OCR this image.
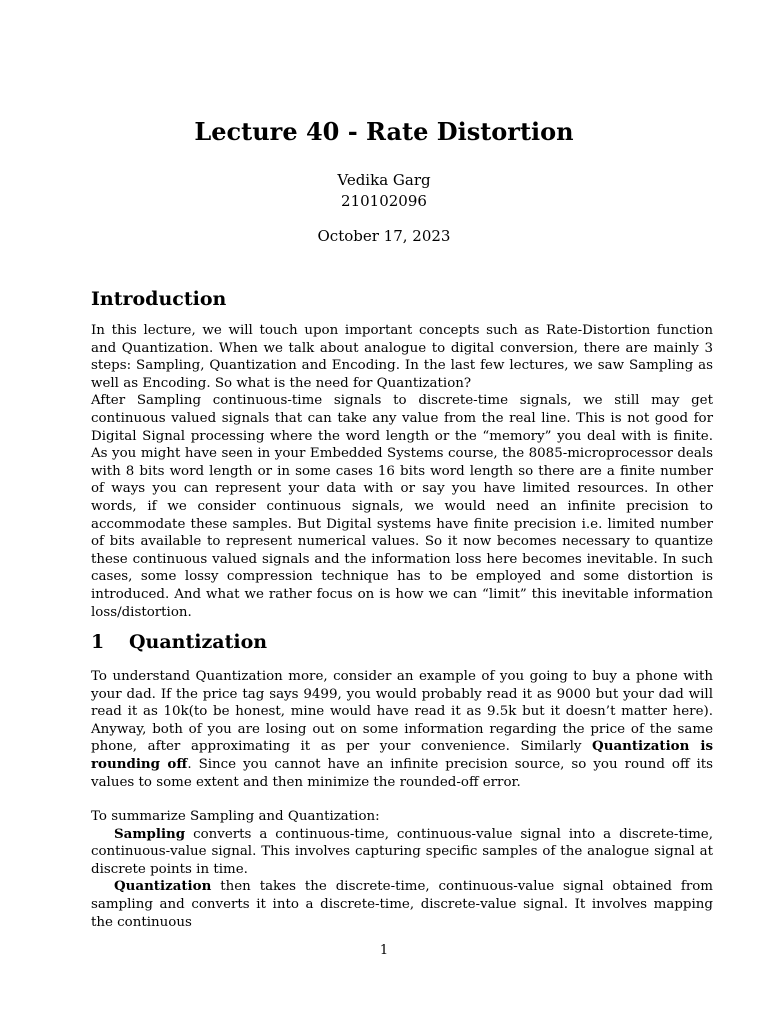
Lecture 40 - Rate Distortion
Vedika Garg
210102096
October 17, 2023
Introduction

In this lecture, we will touch upon important concepts such as Rate-Distortion function and Quantization. When we talk about analogue to digital conversion, there are mainly 3 steps: Sampling, Quantization and Encoding. In the last few lectures, we saw Sampling as well as Encoding. So what is the need for Quantization?

After Sampling continuous-time signals to discrete-time signals, we still may get continuous valued signals that can take any value from the real line. This is not good for Digital Signal processing where the word length or the “memory” you deal with is finite. As you might have seen in your Embedded Systems course, the 8085-microprocessor deals with 8 bits word length or in some cases 16 bits word length so there are a finite number of ways you can represent your data with or say you have limited resources. In other words, if we consider continuous signals, we would need an infinite precision to accommodate these samples. But Digital systems have finite precision i.e. limited number of bits available to represent numerical values. So it now becomes necessary to quantize these continuous valued signals and the information loss here becomes inevitable. In such cases, some lossy compression technique has to be employed and some distortion is introduced. And what we rather focus on is how we can “limit” this inevitable information loss/distortion.

1 Quantization

To understand Quantization more, consider an example of you going to buy a phone with your dad. If the price tag says 9499, you would probably read it as 9000 but your dad will read it as 10k(to be honest, mine would have read it as 9.5k but it doesn’t matter here). Anyway, both of you are losing out on some information regarding the price of the same phone, after approximating it as per your convenience. Similarly Quantization is rounding off. Since you cannot have an infinite precision source, so you round off its values to some extent and then minimize the rounded-off error.

To summarize Sampling and Quantization:

Sampling converts a continuous-time, continuous-value signal into a discrete-time, continuous-value signal. This involves capturing specific samples of the analogue signal at discrete points in time.

Quantization then takes the discrete-time, continuous-value signal obtained from sampling and converts it into a discrete-time, discrete-value signal. It involves mapping the continuous

1
